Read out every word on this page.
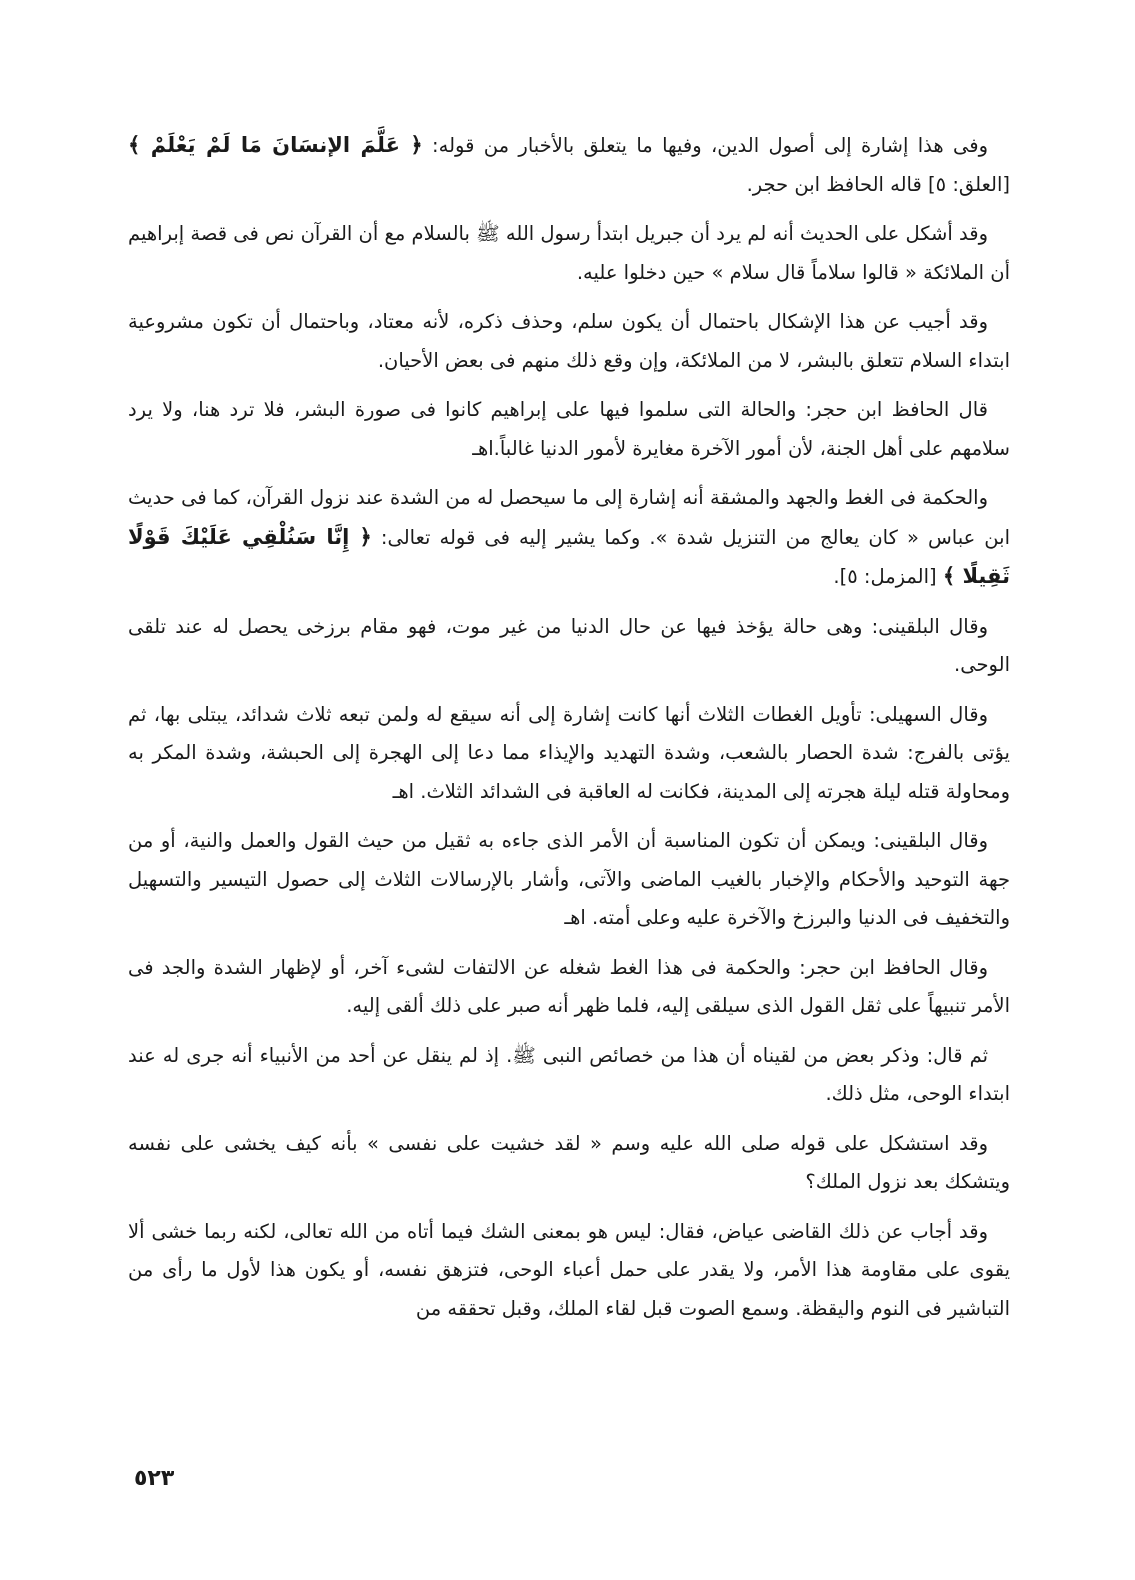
وفى هذا إشارة إلى أصول الدين، وفيها ما يتعلق بالأخبار من قوله: ﴿ عَلَّمَ الإنسَانَ مَا لَمْ يَعْلَمْ ﴾ [العلق: ٥] قاله الحافظ ابن حجر.

وقد أشكل على الحديث أنه لم يرد أن جبريل ابتدأ رسول الله ﷺ بالسلام مع أن القرآن نص فى قصة إبراهيم أن الملائكة « قالوا سلاماً قال سلام » حين دخلوا عليه.

وقد أجيب عن هذا الإشكال باحتمال أن يكون سلم، وحذف ذكره، لأنه معتاد، وباحتمال أن تكون مشروعية ابتداء السلام تتعلق بالبشر، لا من الملائكة، وإن وقع ذلك منهم فى بعض الأحيان.

قال الحافظ ابن حجر: والحالة التى سلموا فيها على إبراهيم كانوا فى صورة البشر، فلا ترد هنا، ولا يرد سلامهم على أهل الجنة، لأن أمور الآخرة مغايرة لأمور الدنيا غالباً.اهـ

والحكمة فى الغط والجهد والمشقة أنه إشارة إلى ما سيحصل له من الشدة عند نزول القرآن، كما فى حديث ابن عباس « كان يعالج من التنزيل شدة ». وكما يشير إليه فى قوله تعالى: ﴿ إِنَّا سَنُلْقِي عَلَيْكَ قَوْلًا ثَقِيلًا ﴾ [المزمل: ٥].

وقال البلقينى: وهى حالة يؤخذ فيها عن حال الدنيا من غير موت، فهو مقام برزخى يحصل له عند تلقى الوحى.

وقال السهيلى: تأويل الغطات الثلاث أنها كانت إشارة إلى أنه سيقع له ولمن تبعه ثلاث شدائد، يبتلى بها، ثم يؤتى بالفرج: شدة الحصار بالشعب، وشدة التهديد والإيذاء مما دعا إلى الهجرة إلى الحبشة، وشدة المكر به ومحاولة قتله ليلة هجرته إلى المدينة، فكانت له العاقبة فى الشدائد الثلاث. اهـ

وقال البلقينى: ويمكن أن تكون المناسبة أن الأمر الذى جاءه به ثقيل من حيث القول والعمل والنية، أو من جهة التوحيد والأحكام والإخبار بالغيب الماضى والآتى، وأشار بالإرسالات الثلاث إلى حصول التيسير والتسهيل والتخفيف فى الدنيا والبرزخ والآخرة عليه وعلى أمته. اهـ

وقال الحافظ ابن حجر: والحكمة فى هذا الغط شغله عن الالتفات لشىء آخر، أو لإظهار الشدة والجد فى الأمر تنبيهاً على ثقل القول الذى سيلقى إليه، فلما ظهر أنه صبر على ذلك ألقى إليه.

ثم قال: وذكر بعض من لقيناه أن هذا من خصائص النبى ﷺ. إذ لم ينقل عن أحد من الأنبياء أنه جرى له عند ابتداء الوحى، مثل ذلك.

وقد استشكل على قوله صلى الله عليه وسم « لقد خشيت على نفسى » بأنه كيف يخشى على نفسه ويتشكك بعد نزول الملك؟

وقد أجاب عن ذلك القاضى عياض، فقال: ليس هو بمعنى الشك فيما أتاه من الله تعالى، لكنه ربما خشى ألا يقوى على مقاومة هذا الأمر، ولا يقدر على حمل أعباء الوحى، فتزهق نفسه، أو يكون هذا لأول ما رأى من التباشير فى النوم واليقظة. وسمع الصوت قبل لقاء الملك، وقبل تحققه من

٥٢٣
